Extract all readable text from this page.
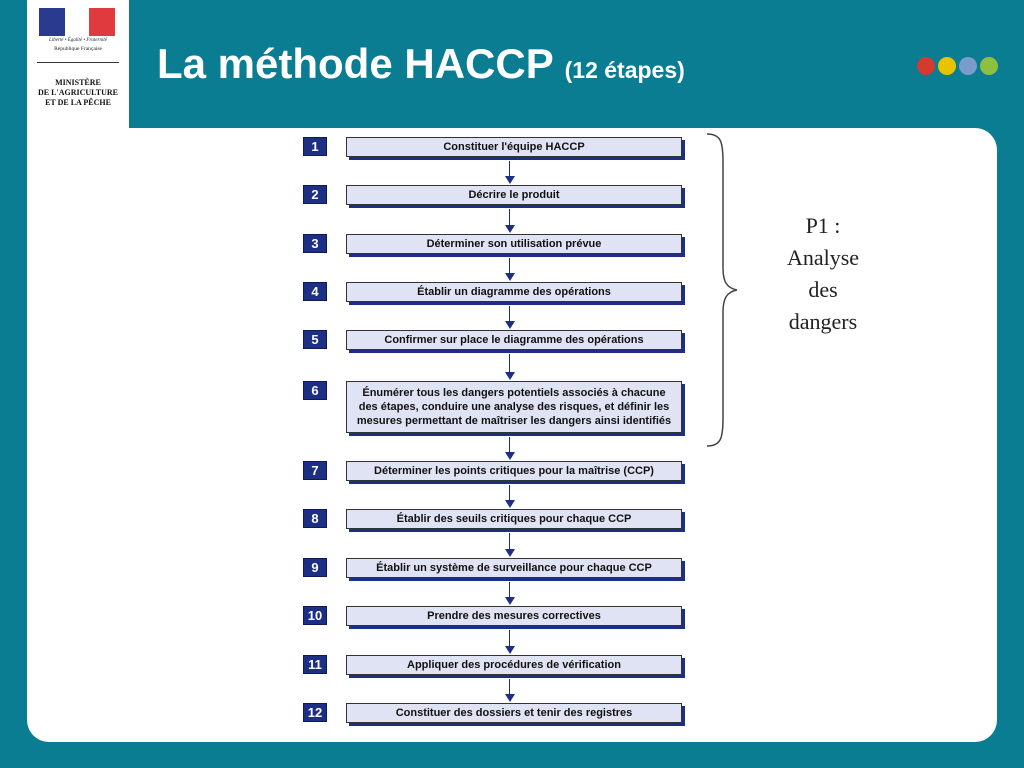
Liberté • Égalité • Fraternité
République Française
MINISTÈRE
DE L'AGRICULTURE
ET DE LA PÊCHE
La méthode HACCP (12 étapes)
1	Constituer l'équipe HACCP
2	Décrire le produit
3	Déterminer son utilisation prévue
4	Établir un diagramme des opérations
5	Confirmer sur place le diagramme des opérations
6	Énumérer tous les dangers potentiels associés à chacune des étapes, conduire une analyse des risques, et définir les mesures permettant de maîtriser les dangers ainsi identifiés
7	Déterminer les points critiques pour la maîtrise (CCP)
8	Établir des seuils critiques pour chaque CCP
9	Établir un système de surveillance pour chaque CCP
10	Prendre des mesures correctives
11	Appliquer des procédures de vérification
12	Constituer des dossiers et tenir des registres
P1 :
Analyse
des
dangers
